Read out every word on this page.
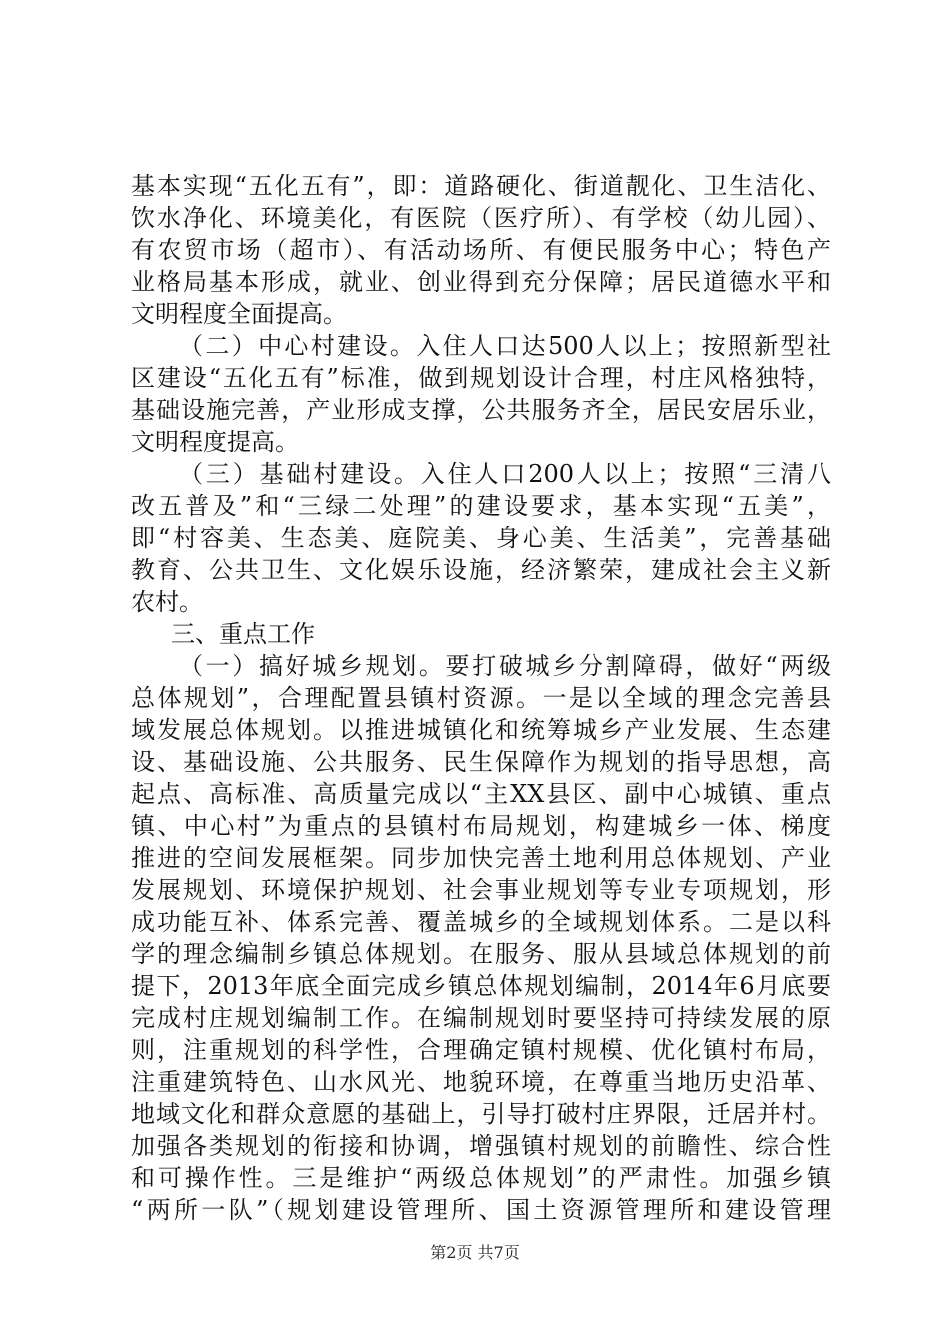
基本实现“五化五有”，即：道路硬化、街道靓化、卫生洁化、
饮水净化、环境美化，有医院（医疗所）、有学校（幼儿园）、
有农贸市场（超市）、有活动场所、有便民服务中心；特色产
业格局基本形成，就业、创业得到充分保障；居民道德水平和
文明程度全面提高。
（二）中心村建设。入住人口达500人以上；按照新型社
区建设“五化五有”标准，做到规划设计合理，村庄风格独特，
基础设施完善，产业形成支撑，公共服务齐全，居民安居乐业，
文明程度提高。
（三）基础村建设。入住人口200人以上；按照“三清八
改五普及”和“三绿二处理”的建设要求，基本实现“五美”，
即“村容美、生态美、庭院美、身心美、生活美”，完善基础
教育、公共卫生、文化娱乐设施，经济繁荣，建成社会主义新
农村。
三、重点工作
（一）搞好城乡规划。要打破城乡分割障碍，做好“两级
总体规划”，合理配置县镇村资源。一是以全域的理念完善县
域发展总体规划。以推进城镇化和统筹城乡产业发展、生态建
设、基础设施、公共服务、民生保障作为规划的指导思想，高
起点、高标准、高质量完成以“主XX县区、副中心城镇、重点
镇、中心村”为重点的县镇村布局规划，构建城乡一体、梯度
推进的空间发展框架。同步加快完善土地利用总体规划、产业
发展规划、环境保护规划、社会事业规划等专业专项规划，形
成功能互补、体系完善、覆盖城乡的全域规划体系。二是以科
学的理念编制乡镇总体规划。在服务、服从县域总体规划的前
提下，2013年底全面完成乡镇总体规划编制，2014年6月底要
完成村庄规划编制工作。在编制规划时要坚持可持续发展的原
则，注重规划的科学性，合理确定镇村规模、优化镇村布局，
注重建筑特色、山水风光、地貌环境，在尊重当地历史沿革、
地域文化和群众意愿的基础上，引导打破村庄界限，迁居并村。
加强各类规划的衔接和协调，增强镇村规划的前瞻性、综合性
和可操作性。三是维护“两级总体规划”的严肃性。加强乡镇
“两所一队”（规划建设管理所、国土资源管理所和建设管理
第2页 共7页
